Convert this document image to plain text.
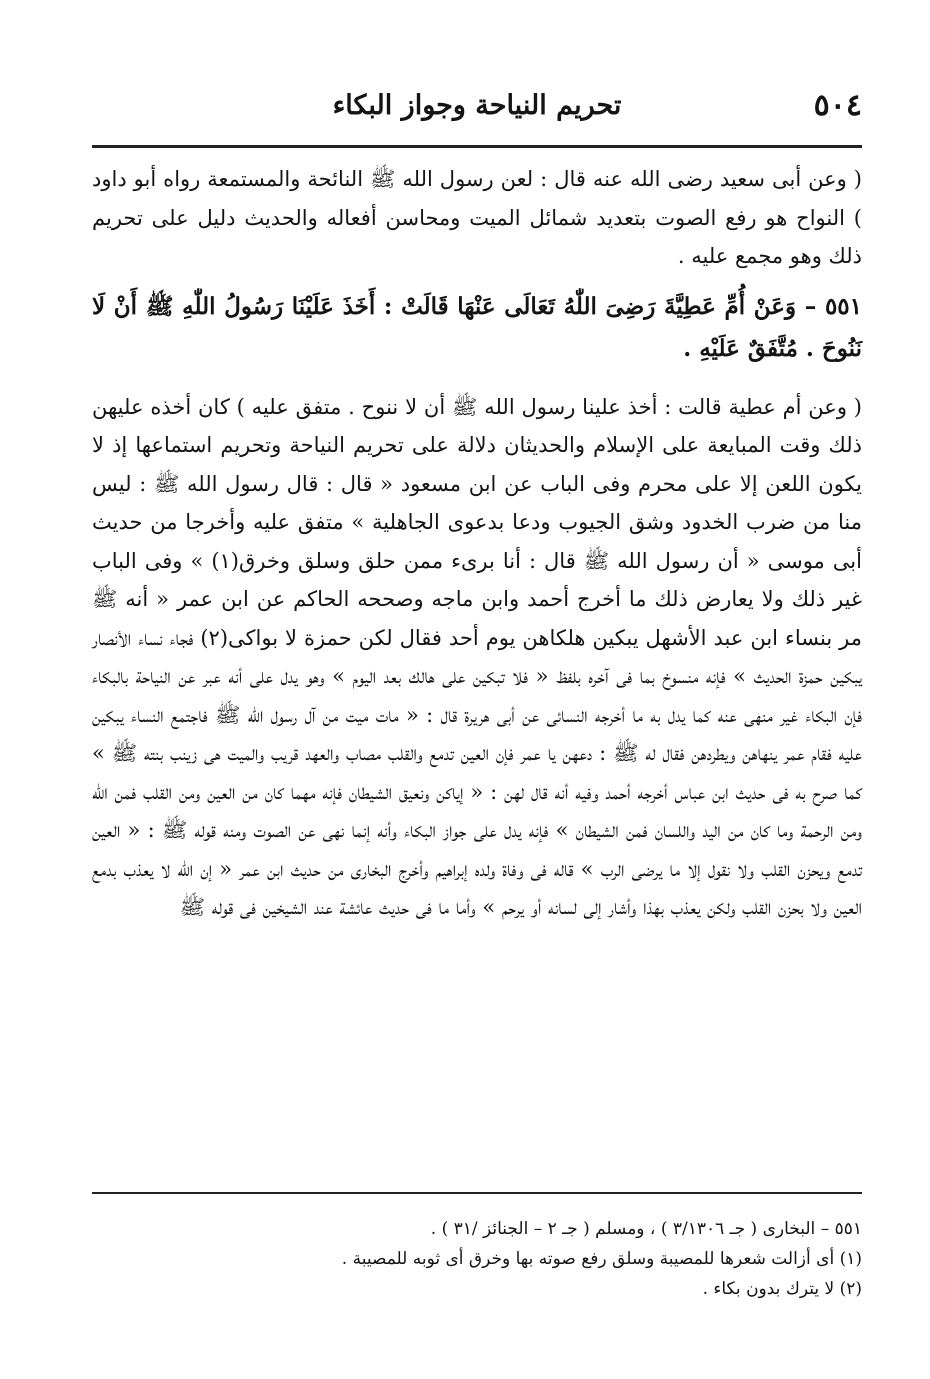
٥٠٤
تحريم النياحة وجواز البكاء

( وعن أبى سعيد رضى الله عنه قال : لعن رسول الله ﷺ النائحة والمستمعة رواه أبو داود ) النواح هو رفع الصوت بتعديد شمائل الميت ومحاسن أفعاله والحديث دليل على تحريم ذلك وهو مجمع عليه .

٥٥١ – وَعَنْ أُمِّ عَطِيَّةَ رَضِىَ اللّٰهُ تَعَالَى عَنْهَا قَالَتْ : أَخَذَ عَلَيْنَا رَسُولُ اللّٰهِ ﷺ أَنْ لَا نَنُوحَ . مُتَّفَقٌ عَلَيْهِ .

( وعن أم عطية قالت : أخذ علينا رسول الله ﷺ أن لا ننوح . متفق عليه ) كان أخذه عليهن ذلك وقت المبايعة على الإسلام والحديثان دلالة على تحريم النياحة وتحريم استماعها إذ لا يكون اللعن إلا على محرم وفى الباب عن ابن مسعود « قال : قال رسول الله ﷺ : ليس منا من ضرب الخدود وشق الجيوب ودعا بدعوى الجاهلية » متفق عليه وأخرجا من حديث أبى موسى « أن رسول الله ﷺ قال : أنا برىء ممن حلق وسلق وخرق(١) » وفى الباب غير ذلك ولا يعارض ذلك ما أخرج أحمد وابن ماجه وصححه الحاكم عن ابن عمر « أنه ﷺ مر بنساء ابن عبد الأشهل يبكين هلكاهن يوم أحد فقال لكن حمزة لا بواكى(٢) فجاء نساء الأنصار يبكين حمزة الحديث » فإنه منسوخ بما فى آخره بلفظ « فلا تبكين على هالك بعد اليوم » وهو يدل على أنه عبر عن النياحة بالبكاء فإن البكاء غير منهى عنه كما يدل به ما أخرجه النسائى عن أبى هريرة قال : « مات ميت من آل رسول الله ﷺ فاجتمع النساء يبكين عليه فقام عمر ينهاهن ويطردهن فقال له ﷺ : دعهن يا عمر فإن العين تدمع والقلب مصاب والعهد قريب والميت هى زينب بنته ﷺ » كما صرح به فى حديث ابن عباس أخرجه أحمد وفيه أنه قال لهن : « إياكن ونعيق الشيطان فإنه مهما كان من العين ومن القلب فمن الله ومن الرحمة وما كان من اليد واللسان فمن الشيطان » فإنه يدل على جواز البكاء وأنه إنما نهى عن الصوت ومنه قوله ﷺ : « العين تدمع ويحزن القلب ولا نقول إلا ما يرضى الرب » قاله فى وفاة ولده إبراهيم وأخرج البخارى من حديث ابن عمر « إن الله لا يعذب بدمع العين ولا بحزن القلب ولكن يعذب بهذا وأشار إلى لسانه أو يرحم » وأما ما فى حديث عائشة عند الشيخين فى قوله ﷺ

٥٥١ – البخارى ( جـ ٣/١٣٠٦ ) ، ومسلم ( جـ ٢ – الجنائز /٣١ ) .
(١) أى أزالت شعرها للمصيبة وسلق رفع صوته بها وخرق أى ثوبه للمصيبة .
(٢) لا يترك بدون بكاء .
